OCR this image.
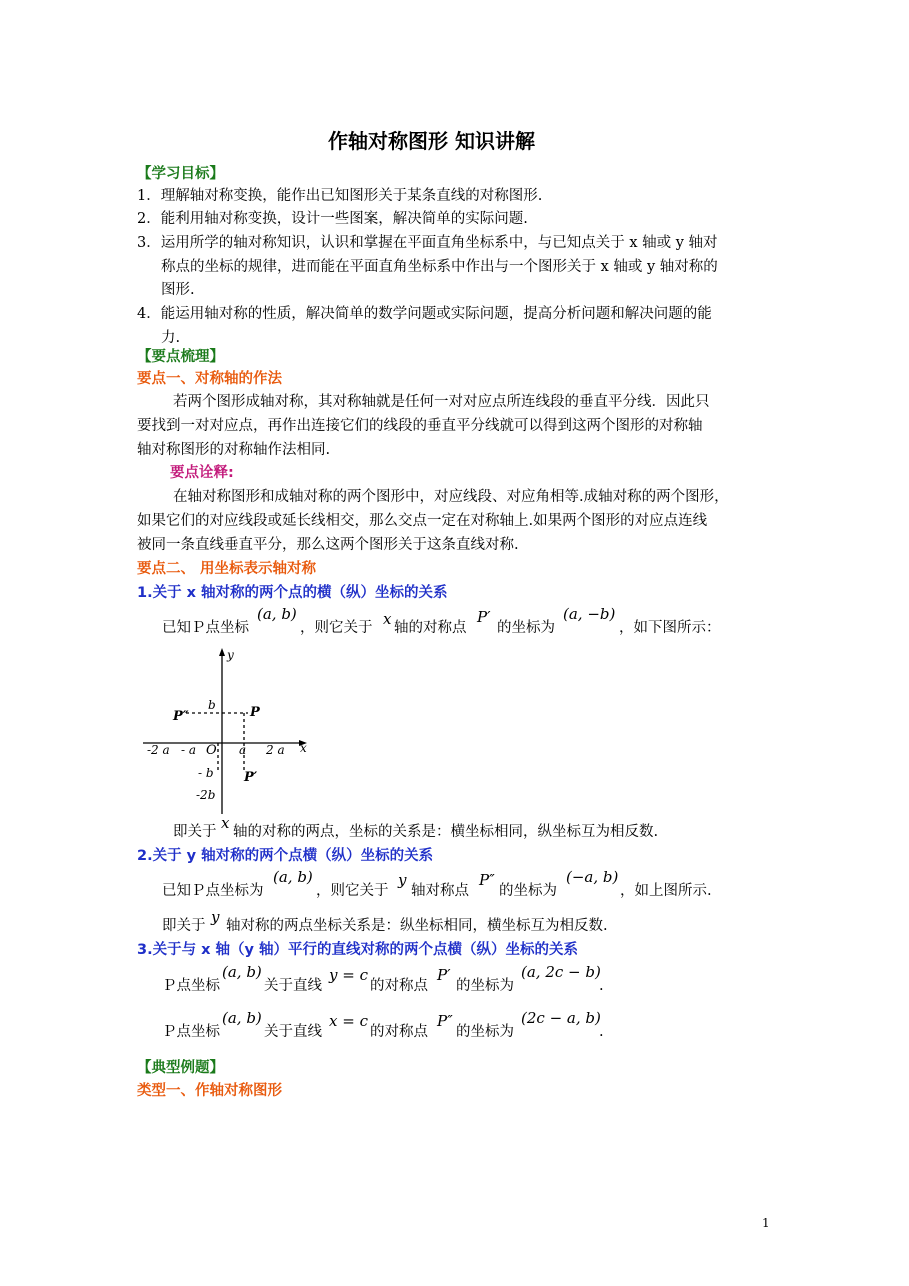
作轴对称图形 知识讲解
【学习目标】
1．理解轴对称变换，能作出已知图形关于某条直线的对称图形.
2．能利用轴对称变换，设计一些图案，解决简单的实际问题.
3．运用所学的轴对称知识，认识和掌握在平面直角坐标系中，与已知点关于 x 轴或 y 轴对
称点的坐标的规律，进而能在平面直角坐标系中作出与一个图形关于 x 轴或 y 轴对称的
图形.
4．能运用轴对称的性质，解决简单的数学问题或实际问题，提高分析问题和解决问题的能
力.
【要点梳理】
要点一、对称轴的作法
若两个图形成轴对称，其对称轴就是任何一对对应点所连线段的垂直平分线．因此只
要找到一对对应点，再作出连接它们的线段的垂直平分线就可以得到这两个图形的对称轴
轴对称图形的对称轴作法相同.
要点诠释:
在轴对称图形和成轴对称的两个图形中，对应线段、对应角相等.成轴对称的两个图形，
如果它们的对应线段或延长线相交，那么交点一定在对称轴上.如果两个图形的对应点连线
被同一条直线垂直平分，那么这两个图形关于这条直线对称.
要点二、 用坐标表示轴对称
1.关于 x 轴对称的两个点的横（纵）坐标的关系
已知Ｐ点坐标
(a, b)
，则它关于 x 轴的对称点
P′
的坐标为
(a, −b)
，如下图所示：
y
x
O
b
- b
-2b
a
- a
-2 a	2 a
P
P′
P″
即关于 x 轴的对称的两点，坐标的关系是：横坐标相同，纵坐标互为相反数.
2.关于 y 轴对称的两个点横（纵）坐标的关系
已知Ｐ点坐标为
(a, b)
，则它关于
y
轴对称点
P″
的坐标为
(−a, b)
，如上图所示.
即关于 y 轴对称的两点坐标关系是：纵坐标相同，横坐标互为相反数.
3.关于与 x 轴（y 轴）平行的直线对称的两个点横（纵）坐标的关系
Ｐ点坐标
(a, b)
关于直线
y = c
的对称点
P′
的坐标为
(a, 2c − b)
.
Ｐ点坐标
(a, b)
关于直线
x = c
的对称点
P″
的坐标为
(2c − a, b)
.
【典型例题】
类型一、作轴对称图形
1
